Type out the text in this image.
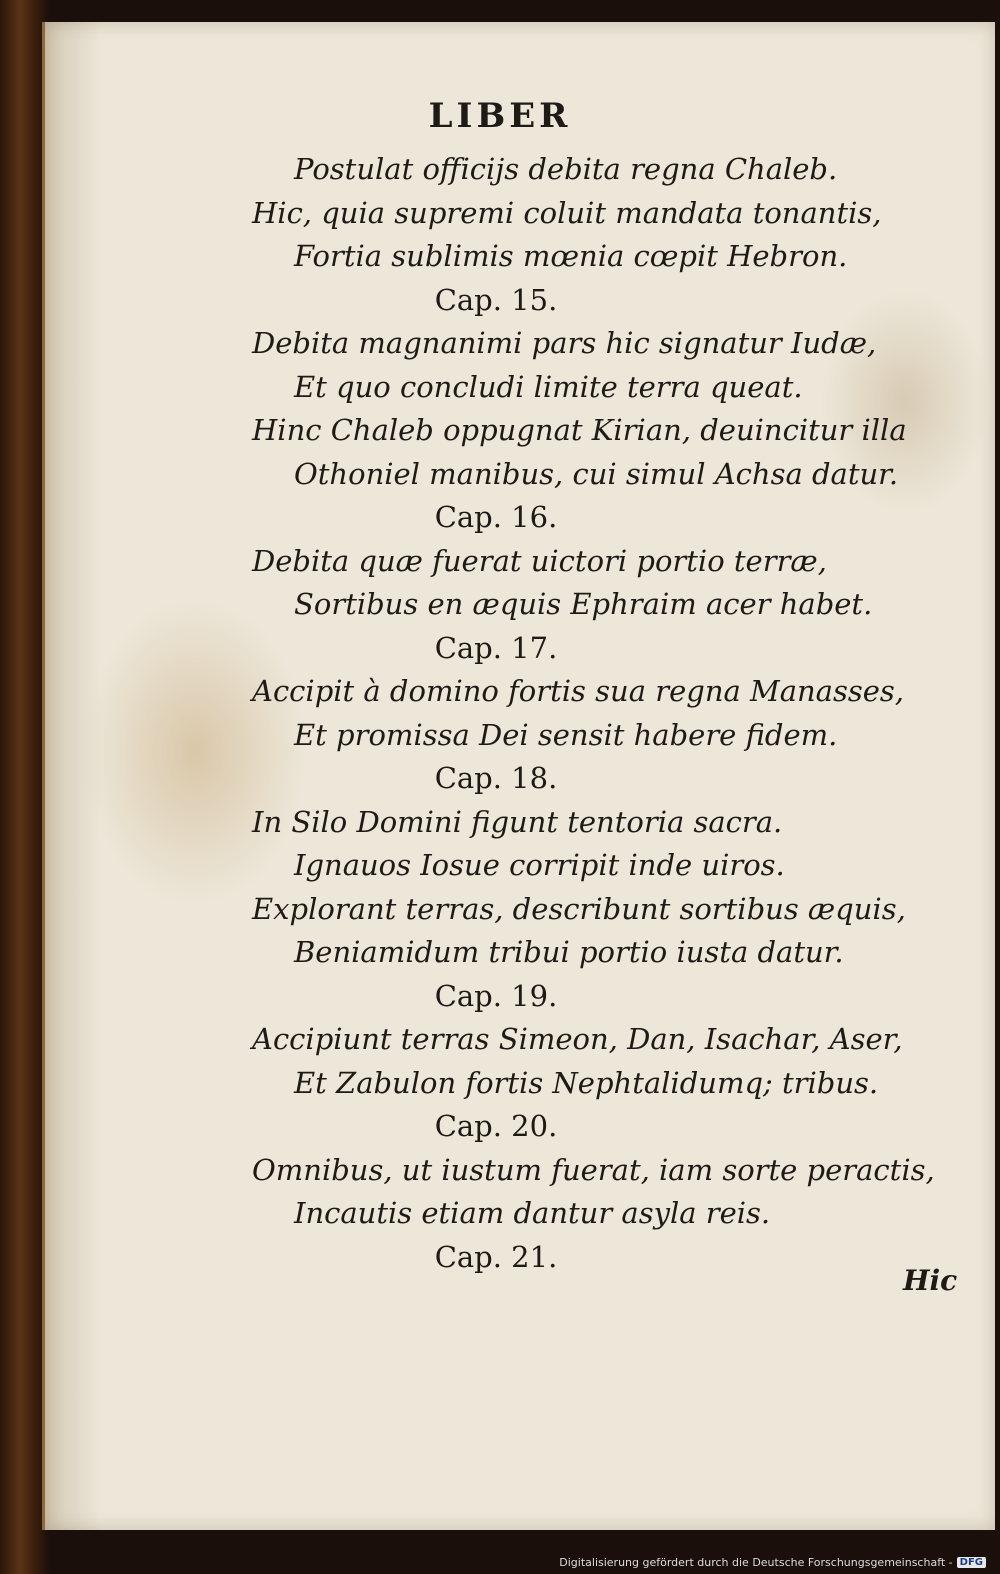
LIBER
Postulat officijs debita regna Chaleb.
Hic, quia supremi coluit mandata tonantis,
Fortia sublimis mœnia cœpit Hebron.
Cap. 15.
Debita magnanimi pars hic signatur Iudæ,
Et quo concludi limite terra queat.
Hinc Chaleb oppugnat Kirian, deuincitur illa
Othoniel manibus, cui simul Achsa datur.
Cap. 16.
Debita quæ fuerat uictori portio terræ,
Sortibus en æquis Ephraim acer habet.
Cap. 17.
Accipit à domino fortis sua regna Manasses,
Et promissa Dei sensit habere fidem.
Cap. 18.
In Silo Domini figunt tentoria sacra.
Ignauos Iosue corripit inde uiros.
Explorant terras, describunt sortibus æquis,
Beniamidum tribui portio iusta datur.
Cap. 19.
Accipiunt terras Simeon, Dan, Isachar, Aser,
Et Zabulon fortis Nephtalidumq; tribus.
Cap. 20.
Omnibus, ut iustum fuerat, iam sorte peractis,
Incautis etiam dantur asyla reis.
Cap. 21.
Hic
Digitalisierung gefördert durch die Deutsche Forschungsgemeinschaft - DFG
